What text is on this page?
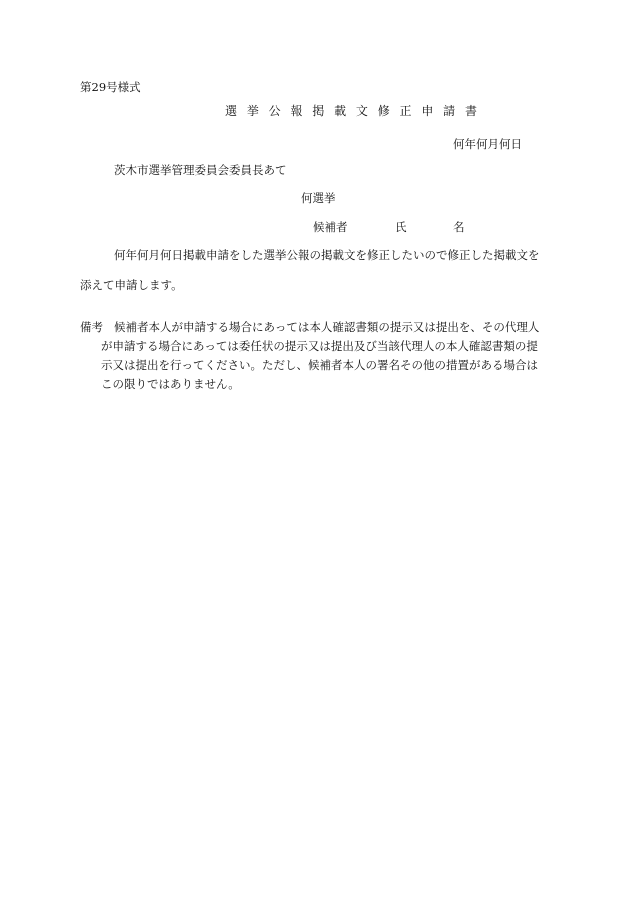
第29号様式
選 挙 公 報 掲 載 文 修 正 申 請 書
何年何月何日
茨木市選挙管理委員会委員長あて
何選挙
候補者	氏	名
何年何月何日掲載申請をした選挙公報の掲載文を修正したいので修正した掲載文を
添えて申請します。
備考 候補者本人が申請する場合にあっては本人確認書類の提示又は提出を、その代理人
が申請する場合にあっては委任状の提示又は提出及び当該代理人の本人確認書類の提
示又は提出を行ってください。ただし、候補者本人の署名その他の措置がある場合は
この限りではありません。
